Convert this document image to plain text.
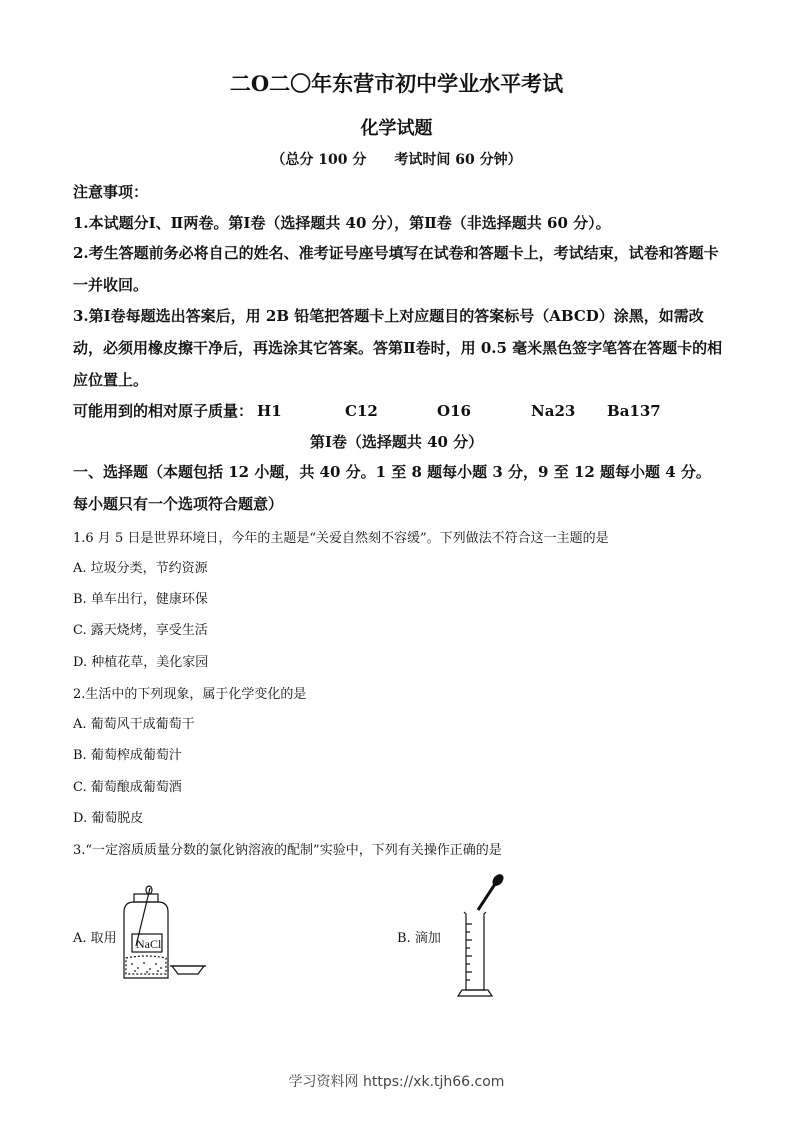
二O二〇年东营市初中学业水平考试
化学试题
（总分 100 分　　考试时间 60 分钟）
注意事项：
1.本试题分Ⅰ、Ⅱ两卷。第Ⅰ卷（选择题共 40 分），第Ⅱ卷（非选择题共 60 分）。
2.考生答题前务必将自己的姓名、准考证号座号填写在试卷和答题卡上，考试结束，试卷和答题卡一并收回。
3.第Ⅰ卷每题选出答案后，用 2B 铅笔把答题卡上对应题目的答案标号（ABCD）涂黑，如需改动，必须用橡皮擦干净后，再选涂其它答案。答第Ⅱ卷时，用 0.5 毫米黑色签字笔答在答题卡的相应位置上。
可能用到的相对原子质量： H1	C12	O16	Na23 Ba137
第Ⅰ卷（选择题共 40 分）
一、选择题（本题包括 12 小题，共 40 分。1 至 8 题每小题 3 分，9 至 12 题每小题 4 分。每小题只有一个选项符合题意）
1.6 月 5 日是世界环境日，今年的主题是“关爱自然刻不容缓”。下列做法不符合这一主题的是
A. 垃圾分类，节约资源
B. 单车出行，健康环保
C. 露天烧烤，享受生活
D. 种植花草，美化家园
2.生活中的下列现象，属于化学变化的是
A. 葡萄风干成葡萄干
B. 葡萄榨成葡萄汁
C. 葡萄酿成葡萄酒
D. 葡萄脱皮
3.“一定溶质质量分数的氯化钠溶液的配制”实验中，下列有关操作正确的是
A. 取用	B. 滴加
NaCl
学习资料网 https://xk.tjh66.com
